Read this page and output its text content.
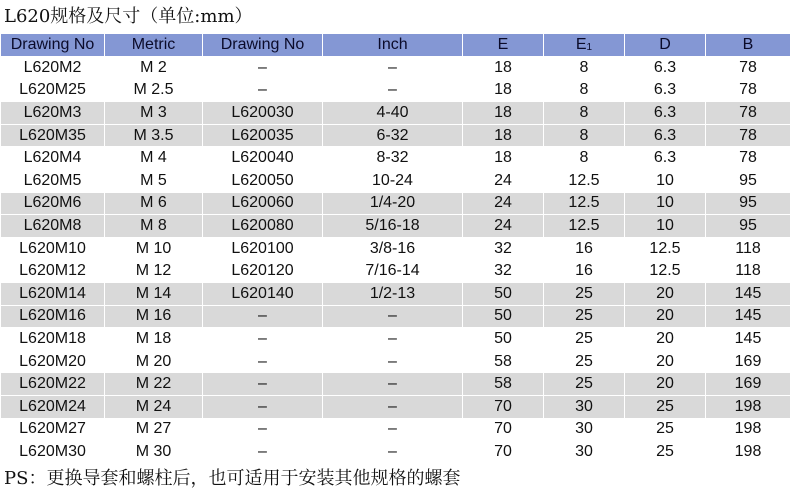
L620规格及尺寸（单位:mm）
Drawing No	Metric	Drawing No	Inch	E	E1	D	B
L620M2	M 2	–	–	18	8	6.3	78
L620M25	M 2.5	–	–	18	8	6.3	78
L620M3	M 3	L620030	4-40	18	8	6.3	78
L620M35	M 3.5	L620035	6-32	18	8	6.3	78
L620M4	M 4	L620040	8-32	18	8	6.3	78
L620M5	M 5	L620050	10-24	24	12.5	10	95
L620M6	M 6	L620060	1/4-20	24	12.5	10	95
L620M8	M 8	L620080	5/16-18	24	12.5	10	95
L620M10	M 10	L620100	3/8-16	32	16	12.5	118
L620M12	M 12	L620120	7/16-14	32	16	12.5	118
L620M14	M 14	L620140	1/2-13	50	25	20	145
L620M16	M 16	–	–	50	25	20	145
L620M18	M 18	–	–	50	25	20	145
L620M20	M 20	–	–	58	25	20	169
L620M22	M 22	–	–	58	25	20	169
L620M24	M 24	–	–	70	30	25	198
L620M27	M 27	–	–	70	30	25	198
L620M30	M 30	–	–	70	30	25	198
PS：更换导套和螺柱后，也可适用于安装其他规格的螺套
